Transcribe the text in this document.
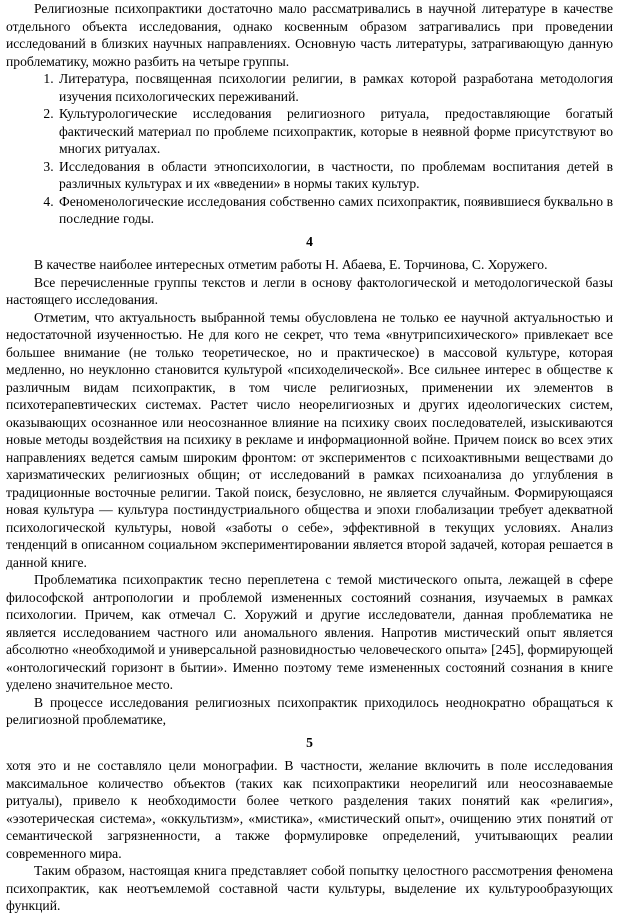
Религиозные психопрактики достаточно мало рассматривались в научной литературе в качестве отдельного объекта исследования, однако косвенным образом затрагивались при проведении исследований в близких научных направлениях. Основную часть литературы, затрагивающую данную проблематику, можно разбить на четыре группы.

1. Литература, посвященная психологии религии, в рамках которой разработана методология изучения психологических переживаний.
2. Культурологические исследования религиозного ритуала, предоставляющие богатый фактический материал по проблеме психопрактик, которые в неявной форме присутствуют во многих ритуалах.
3. Исследования в области этнопсихологии, в частности, по проблемам воспитания детей в различных культурах и их «введении» в нормы таких культур.
4. Феноменологические исследования собственно самих психопрактик, появившиеся буквально в последние годы.
4

В качестве наиболее интересных отметим работы Н. Абаева, Е. Торчинова, С. Хоружего.

Все перечисленные группы текстов и легли в основу фактологической и методологической базы настоящего исследования.

Отметим, что актуальность выбранной темы обусловлена не только ее научной актуальностью и недостаточной изученностью. Не для кого не секрет, что тема «внутрипсихического» привлекает все большее внимание (не только теоретическое, но и практическое) в массовой культуре, которая медленно, но неуклонно становится культурой «психоделической». Все сильнее интерес в обществе к различным видам психопрактик, в том числе религиозных, применении их элементов в психотерапевтических системах. Растет число неорелигиозных и других идеологических систем, оказывающих осознанное или неосознанное влияние на психику своих последователей, изыскиваются новые методы воздействия на психику в рекламе и информационной войне. Причем поиск во всех этих направлениях ведется самым широким фронтом: от экспериментов с психоактивными веществами до харизматических религиозных общин; от исследований в рамках психоанализа до углубления в традиционные восточные религии. Такой поиск, безусловно, не является случайным. Формирующаяся новая культура — культура постиндустриального общества и эпохи глобализации требует адекватной психологической культуры, новой «заботы о себе», эффективной в текущих условиях. Анализ тенденций в описанном социальном экспериментировании является второй задачей, которая решается в данной книге.

Проблематика психопрактик тесно переплетена с темой мистического опыта, лежащей в сфере философской антропологии и проблемой измененных состояний сознания, изучаемых в рамках психологии. Причем, как отмечал С. Хоружий и другие исследователи, данная проблематика не является исследованием частного или аномального явления. Напротив мистический опыт является абсолютно «необходимой и универсальной разновидностью человеческого опыта» [245], формирующей «онтологический горизонт в бытии». Именно поэтому теме измененных состояний сознания в книге уделено значительное место.

В процессе исследования религиозных психопрактик приходилось неоднократно обращаться к религиозной проблематике,

5

хотя это и не составляло цели монографии. В частности, желание включить в поле исследования максимальное количество объектов (таких как психопрактики неорелигий или неосознаваемые ритуалы), привело к необходимости более четкого разделения таких понятий как «религия», «эзотерическая система», «оккультизм», «мистика», «мистический опыт», очищению этих понятий от семантической загрязненности, а также формулировке определений, учитывающих реалии современного мира.

Таким образом, настоящая книга представляет собой попытку целостного рассмотрения феномена психопрактик, как неотъемлемой составной части культуры, выделение их культурообразующих функций.
